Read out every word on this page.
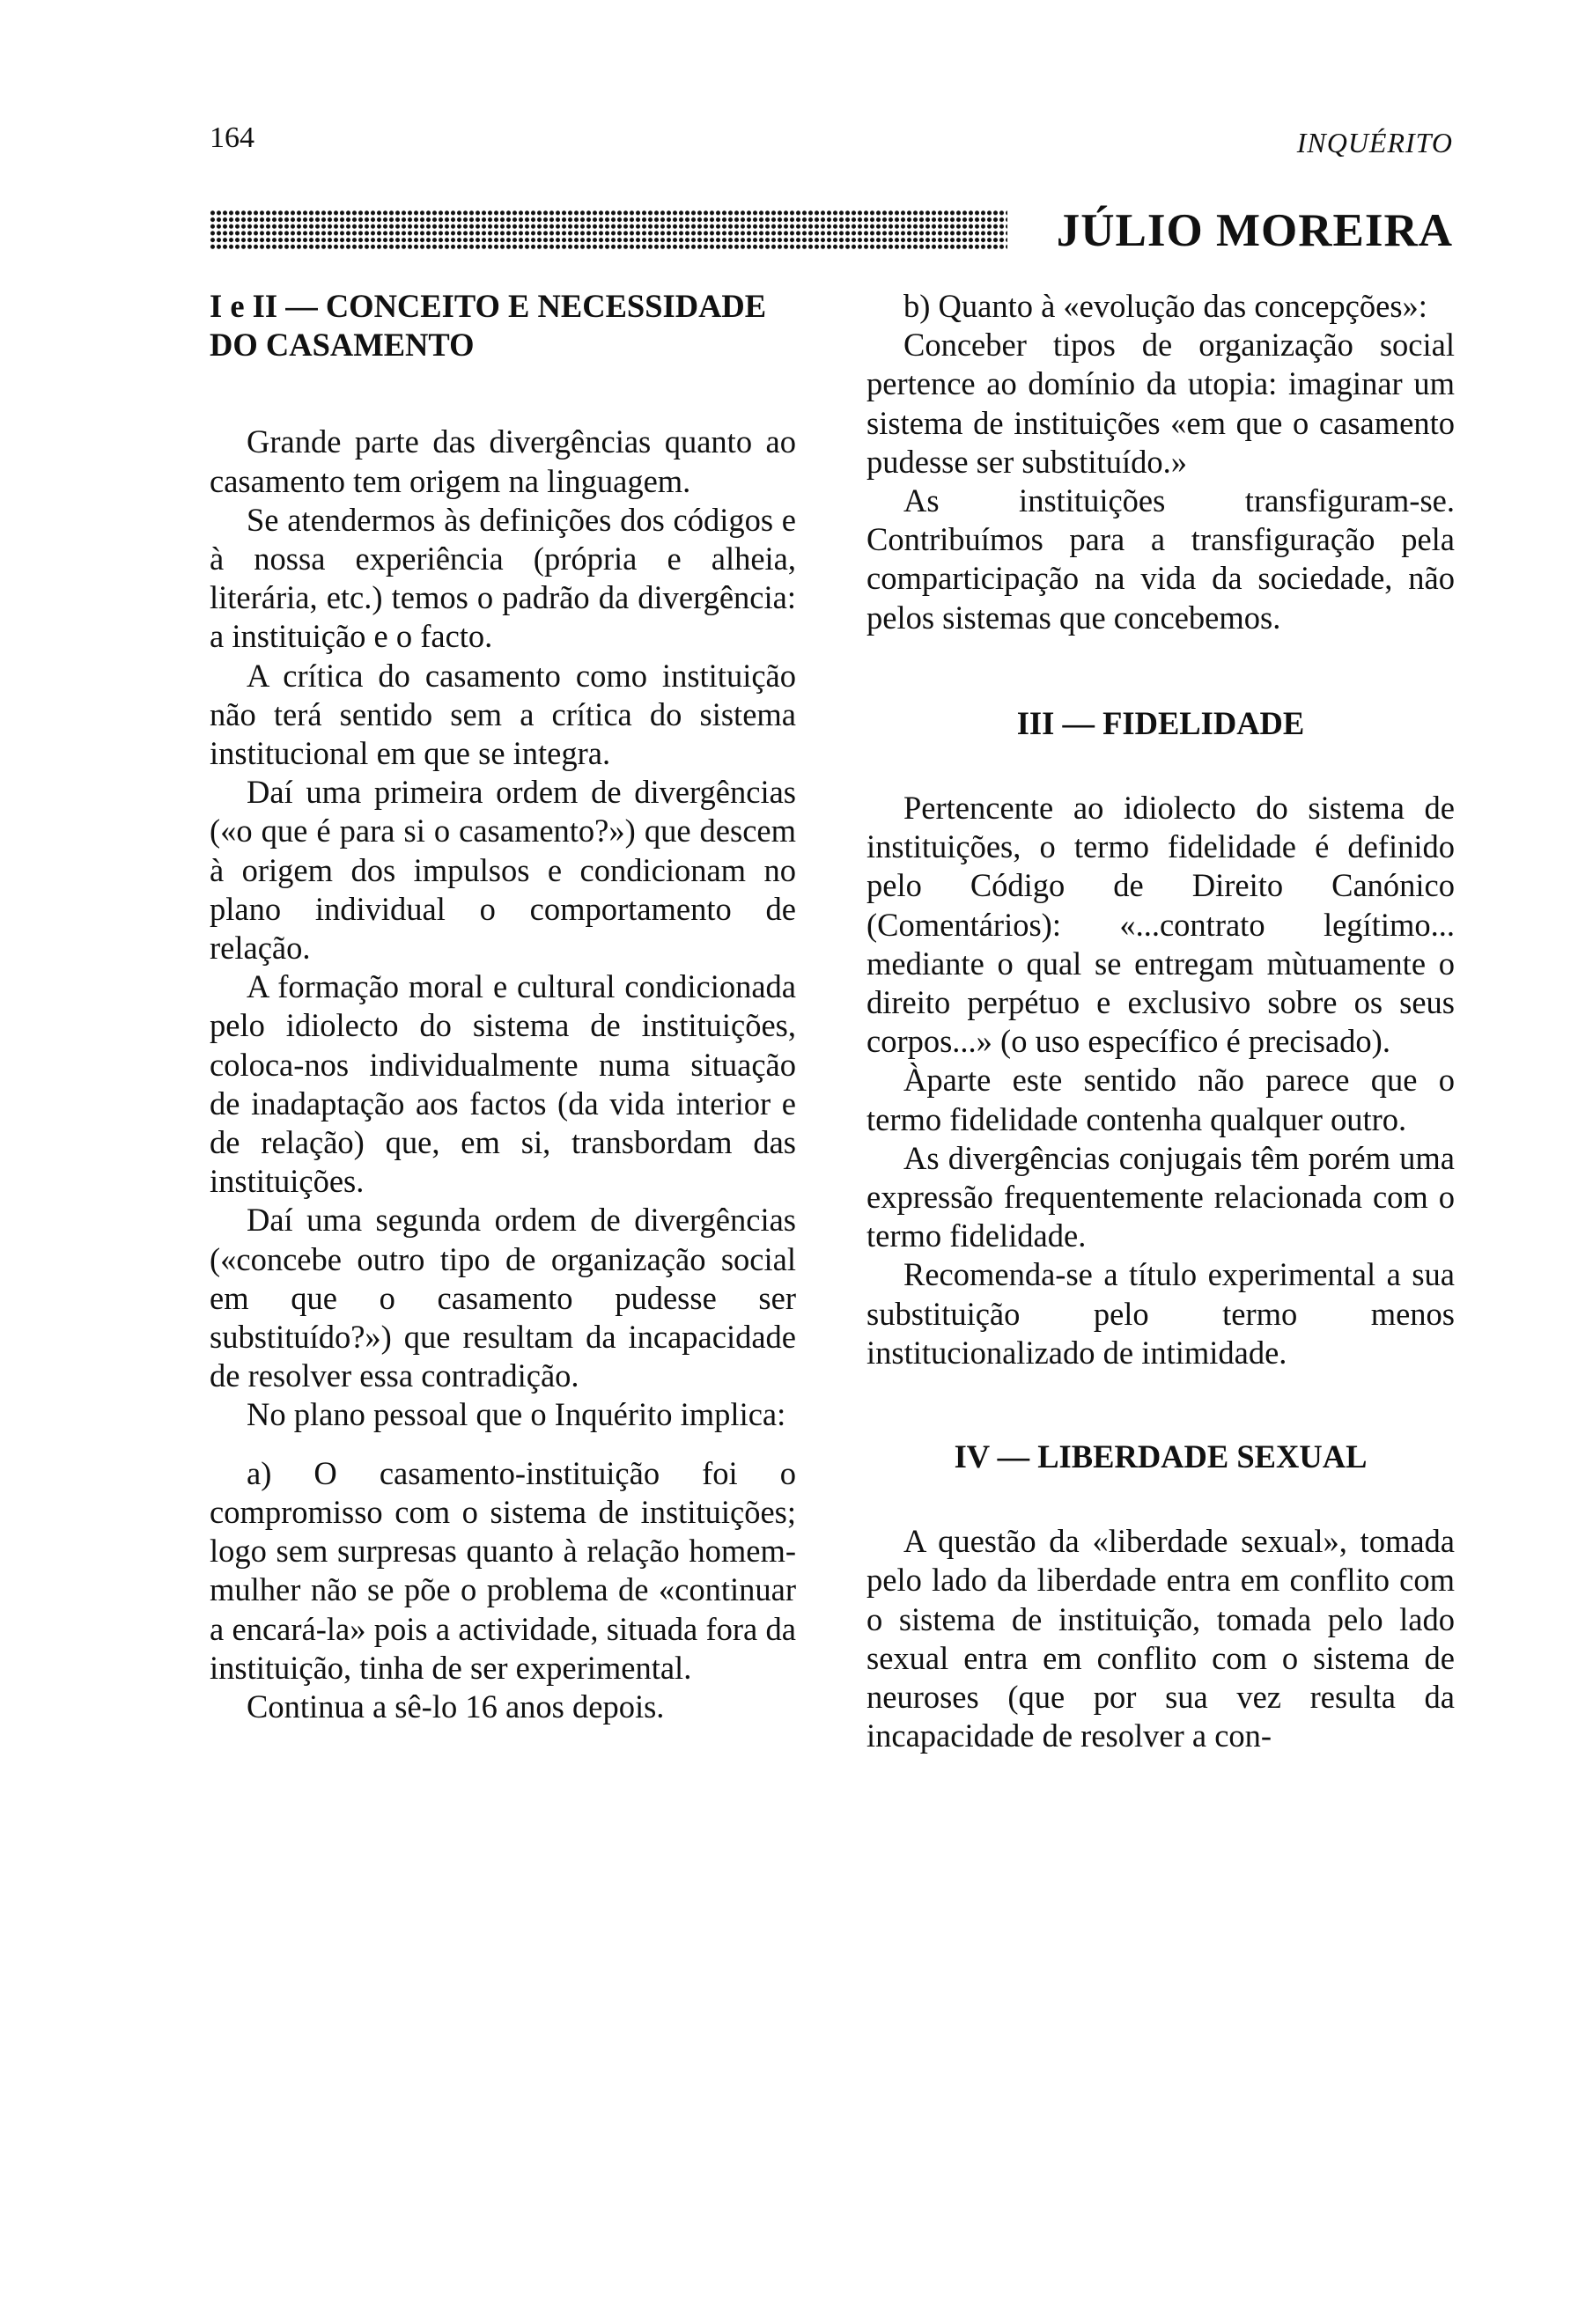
164	INQUÉRITO
JÚLIO MOREIRA
I e II — CONCEITO E NECESSIDADE DO CASAMENTO

Grande parte das divergências quanto ao casamento tem origem na linguagem.

Se atendermos às definições dos códigos e à nossa experiência (própria e alheia, literária, etc.) temos o padrão da divergência: a instituição e o facto.

A crítica do casamento como instituição não terá sentido sem a crítica do sistema institucional em que se integra.

Daí uma primeira ordem de divergências («o que é para si o casamento?») que descem à origem dos impulsos e condicionam no plano individual o comportamento de relação.

A formação moral e cultural condicionada pelo idiolecto do sistema de instituições, coloca-nos individualmente numa situação de inadaptação aos factos (da vida interior e de relação) que, em si, transbordam das instituições.

Daí uma segunda ordem de divergências («concebe outro tipo de organização social em que o casamento pudesse ser substituído?») que resultam da incapacidade de resolver essa contradição.

No plano pessoal que o Inquérito implica:

a) O casamento-instituição foi o compromisso com o sistema de instituições; logo sem surpresas quanto à relação homem-mulher não se põe o problema de «continuar a encará-la» pois a actividade, situada fora da instituição, tinha de ser experimental.

Continua a sê-lo 16 anos depois.

b) Quanto à «evolução das concepções»:

Conceber tipos de organização social pertence ao domínio da utopia: imaginar um sistema de instituições «em que o casamento pudesse ser substituído.»

As instituições transfiguram-se. Contribuímos para a transfiguração pela comparticipação na vida da sociedade, não pelos sistemas que concebemos.

III — FIDELIDADE

Pertencente ao idiolecto do sistema de instituições, o termo fidelidade é definido pelo Código de Direito Canónico (Comentários): «...contrato legítimo... mediante o qual se entregam mùtuamente o direito perpétuo e exclusivo sobre os seus corpos...» (o uso específico é precisado).

Àparte este sentido não parece que o termo fidelidade contenha qualquer outro.

As divergências conjugais têm porém uma expressão frequentemente relacionada com o termo fidelidade.

Recomenda-se a título experimental a sua substituição pelo termo menos institucionalizado de intimidade.

IV — LIBERDADE SEXUAL

A questão da «liberdade sexual», tomada pelo lado da liberdade entra em conflito com o sistema de instituição, tomada pelo lado sexual entra em conflito com o sistema de neuroses (que por sua vez resulta da incapacidade de resolver a con-
